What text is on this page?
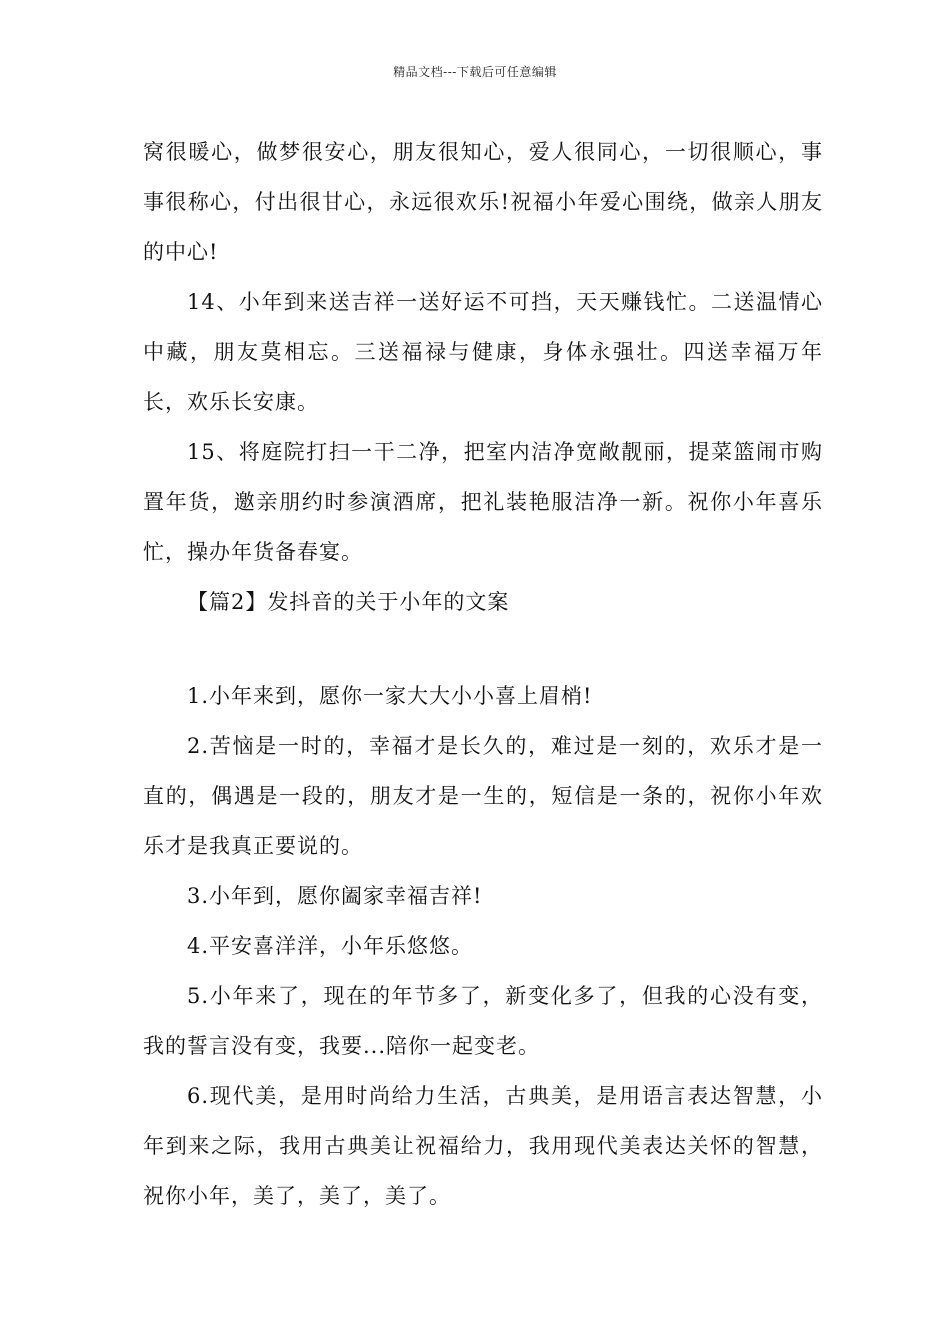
精品文档---下载后可任意编辑

窝很暖心，做梦很安心，朋友很知心，爱人很同心，一切很顺心，事事很称心，付出很甘心，永远很欢乐!祝福小年爱心围绕，做亲人朋友的中心!

14、小年到来送吉祥一送好运不可挡，天天赚钱忙。二送温情心中藏，朋友莫相忘。三送福禄与健康，身体永强壮。四送幸福万年长，欢乐长安康。

15、将庭院打扫一干二净，把室内洁净宽敞靓丽，提菜篮闹市购置年货，邀亲朋约时参演酒席，把礼装艳服洁净一新。祝你小年喜乐忙，操办年货备春宴。

【篇2】发抖音的关于小年的文案

1.小年来到，愿你一家大大小小喜上眉梢!

2.苦恼是一时的，幸福才是长久的，难过是一刻的，欢乐才是一直的，偶遇是一段的，朋友才是一生的，短信是一条的，祝你小年欢乐才是我真正要说的。

3.小年到，愿你阖家幸福吉祥!

4.平安喜洋洋，小年乐悠悠。

5.小年来了，现在的年节多了，新变化多了，但我的心没有变，我的誓言没有变，我要...陪你一起变老。

6.现代美，是用时尚给力生活，古典美，是用语言表达智慧，小年到来之际，我用古典美让祝福给力，我用现代美表达关怀的智慧，祝你小年，美了，美了，美了。
